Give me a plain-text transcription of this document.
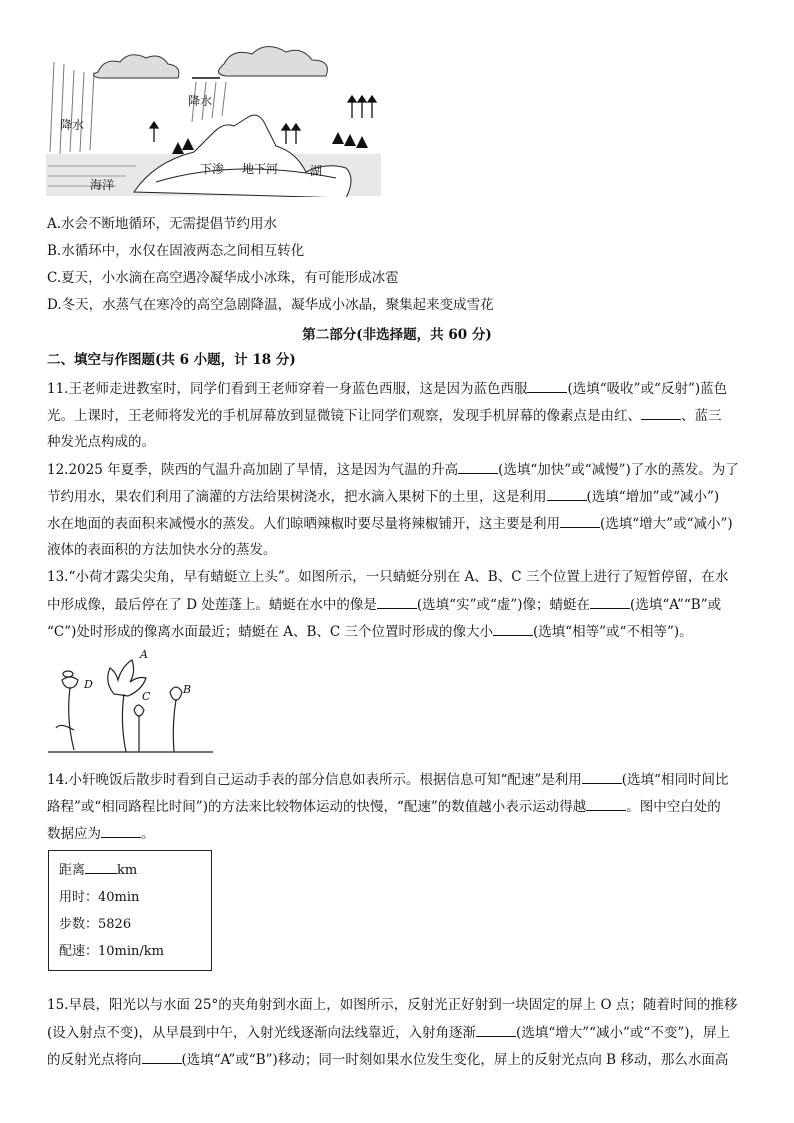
降水
降水
海洋
下渗 地下河	湖
A.水会不断地循环，无需提倡节约用水
B.水循环中，水仅在固液两态之间相互转化
C.夏天，小水滴在高空遇冷凝华成小冰珠，有可能形成冰雹
D.冬天，水蒸气在寒冷的高空急剧降温，凝华成小冰晶，聚集起来变成雪花
第二部分(非选择题，共 60 分)
二、填空与作图题(共 6 小题，计 18 分)
11.王老师走进教室时，同学们看到王老师穿着一身蓝色西服，这是因为蓝色西服	(选填“吸收”或“反射”)蓝色
光。上课时，王老师将发光的手机屏幕放到显微镜下让同学们观察，发现手机屏幕的像素点是由红、	、蓝三
种发光点构成的。
12.2025 年夏季，陕西的气温升高加剧了旱情，这是因为气温的升高	(选填“加快”或“减慢”)了水的蒸发。为了
节约用水，果农们利用了滴灌的方法给果树浇水，把水滴入果树下的土里，这是利用	(选填“增加”或“减小”)
水在地面的表面积来减慢水的蒸发。人们晾晒辣椒时要尽量将辣椒铺开，这主要是利用	(选填“增大”或“减小”)
液体的表面积的方法加快水分的蒸发。
13.“小荷才露尖尖角，早有蜻蜓立上头”。如图所示，一只蜻蜓分别在 A、B、C 三个位置上进行了短暂停留，在水
中形成像，最后停在了 D 处莲蓬上。蜻蜓在水中的像是	(选填“实”或“虚”)像；蜻蜓在	(选填“A”“B”或
“C”)处时形成的像离水面最近；蜻蜓在 A、B、C 三个位置时形成的像大小	(选填“相等”或“不相等”)。
D
A
C
B
14.小轩晚饭后散步时看到自己运动手表的部分信息如表所示。根据信息可知“配速”是利用	(选填“相同时间比
路程”或“相同路程比时间”)的方法来比较物体运动的快慢，“配速”的数值越小表示运动得越	。图中空白处的
数据应为	。
距离 km
用时：40min
步数：5826
配速：10min/km
15.早晨，阳光以与水面 25°的夹角射到水面上，如图所示，反射光正好射到一块固定的屏上 O 点；随着时间的推移
(设入射点不变)，从早晨到中午，入射光线逐渐向法线靠近，入射角逐渐	(选填“增大”“减小”或“不变”)，屏上
的反射光点将向	(选填“A”或“B”)移动；同一时刻如果水位发生变化，屏上的反射光点向 B 移动，那么水面高
